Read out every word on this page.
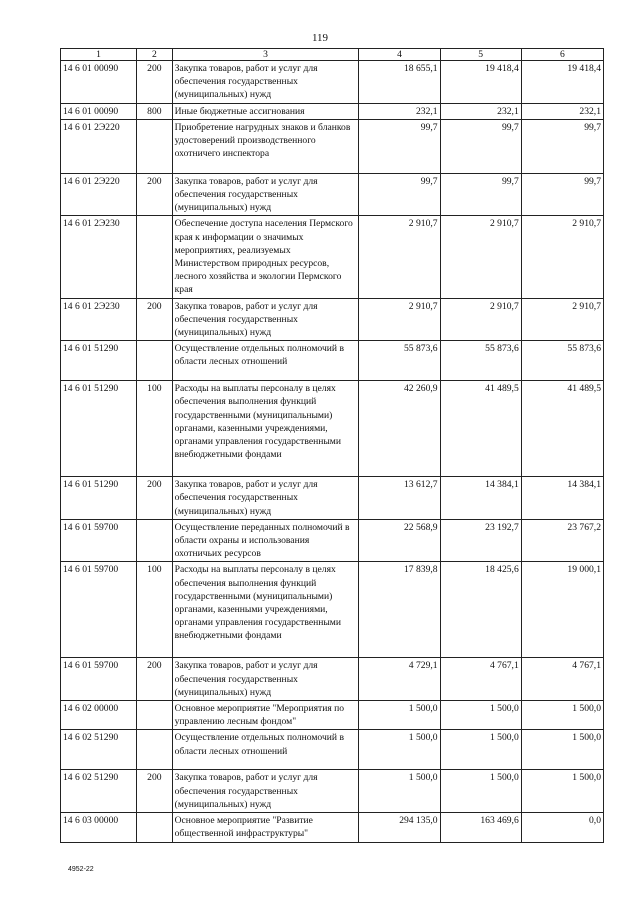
119
1	2	3	4	5	6
14 6 01 00090	200	Закупка товаров, работ и услуг для обеспечения государственных (муниципальных) нужд	18 655,1	19 418,4	19 418,4
14 6 01 00090	800	Иные бюджетные ассигнования	232,1	232,1	232,1
14 6 01 2Э220		Приобретение нагрудных знаков и бланков удостоверений производственного охотничего инспектора	99,7	99,7	99,7
14 6 01 2Э220	200	Закупка товаров, работ и услуг для обеспечения государственных (муниципальных) нужд	99,7	99,7	99,7
14 6 01 2Э230		Обеспечение доступа населения Пермского края к информации о значимых мероприятиях, реализуемых Министерством природных ресурсов, лесного хозяйства и экологии Пермского края	2 910,7	2 910,7	2 910,7
14 6 01 2Э230	200	Закупка товаров, работ и услуг для обеспечения государственных (муниципальных) нужд	2 910,7	2 910,7	2 910,7
14 6 01 51290		Осуществление отдельных полномочий в области лесных отношений	55 873,6	55 873,6	55 873,6
14 6 01 51290	100	Расходы на выплаты персоналу в целях обеспечения выполнения функций государственными (муниципальными) органами, казенными учреждениями, органами управления государственными внебюджетными фондами	42 260,9	41 489,5	41 489,5
14 6 01 51290	200	Закупка товаров, работ и услуг для обеспечения государственных (муниципальных) нужд	13 612,7	14 384,1	14 384,1
14 6 01 59700		Осуществление переданных полномочий в области охраны и использования охотничьих ресурсов	22 568,9	23 192,7	23 767,2
14 6 01 59700	100	Расходы на выплаты персоналу в целях обеспечения выполнения функций государственными (муниципальными) органами, казенными учреждениями, органами управления государственными внебюджетными фондами	17 839,8	18 425,6	19 000,1
14 6 01 59700	200	Закупка товаров, работ и услуг для обеспечения государственных (муниципальных) нужд	4 729,1	4 767,1	4 767,1
14 6 02 00000		Основное мероприятие "Мероприятия по управлению лесным фондом"	1 500,0	1 500,0	1 500,0
14 6 02 51290		Осуществление отдельных полномочий в области лесных отношений	1 500,0	1 500,0	1 500,0
14 6 02 51290	200	Закупка товаров, работ и услуг для обеспечения государственных (муниципальных) нужд	1 500,0	1 500,0	1 500,0
14 6 03 00000		Основное мероприятие "Развитие общественной инфраструктуры"	294 135,0	163 469,6	0,0
4952-22
